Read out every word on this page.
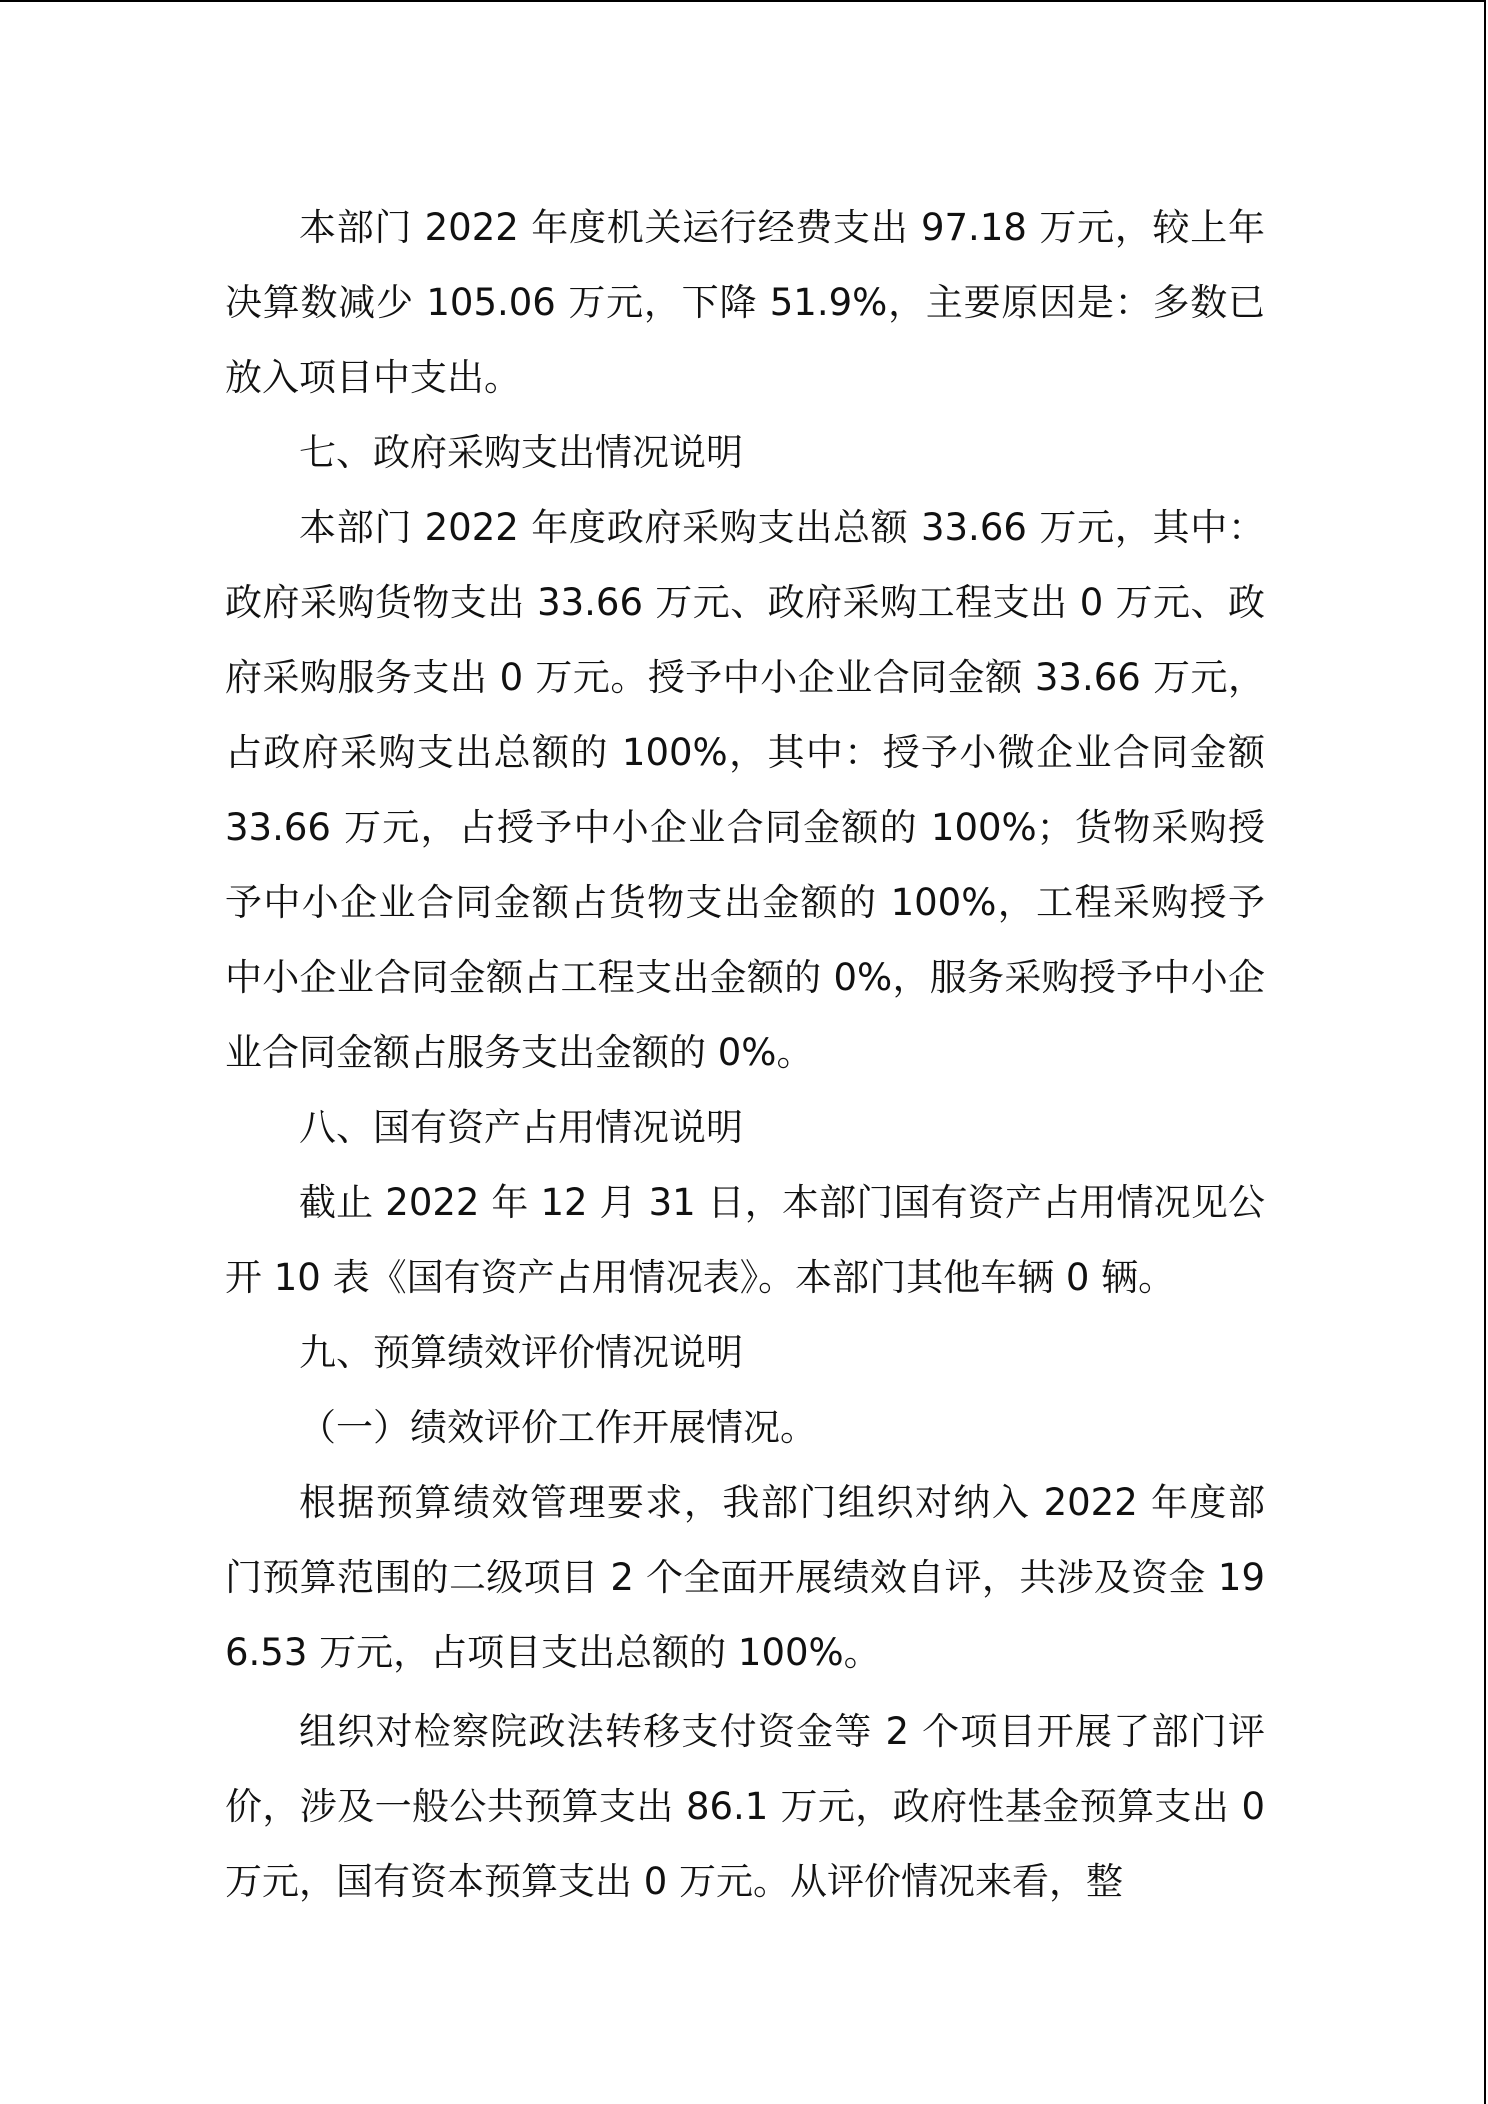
本部门 2022 年度机关运行经费支出 97.18 万元，较上年决算数减少 105.06 万元，下降 51.9%，主要原因是：多数已放入项目中支出。

七、政府采购支出情况说明

本部门 2022 年度政府采购支出总额 33.66 万元，其中：政府采购货物支出 33.66 万元、政府采购工程支出 0 万元、政府采购服务支出 0 万元。授予中小企业合同金额 33.66 万元，占政府采购支出总额的 100%，其中：授予小微企业合同金额 33.66 万元，占授予中小企业合同金额的 100%；货物采购授予中小企业合同金额占货物支出金额的 100%，工程采购授予中小企业合同金额占工程支出金额的 0%，服务采购授予中小企业合同金额占服务支出金额的 0%。

八、国有资产占用情况说明

截止 2022 年 12 月 31 日，本部门国有资产占用情况见公开 10 表《国有资产占用情况表》。本部门其他车辆 0 辆。

九、预算绩效评价情况说明

（一）绩效评价工作开展情况。

根据预算绩效管理要求，我部门组织对纳入 2022 年度部门预算范围的二级项目 2 个全面开展绩效自评，共涉及资金 196.53 万元，占项目支出总额的 100%。

组织对检察院政法转移支付资金等 2 个项目开展了部门评价，涉及一般公共预算支出 86.1 万元，政府性基金预算支出 0 万元，国有资本预算支出 0 万元。从评价情况来看，整
